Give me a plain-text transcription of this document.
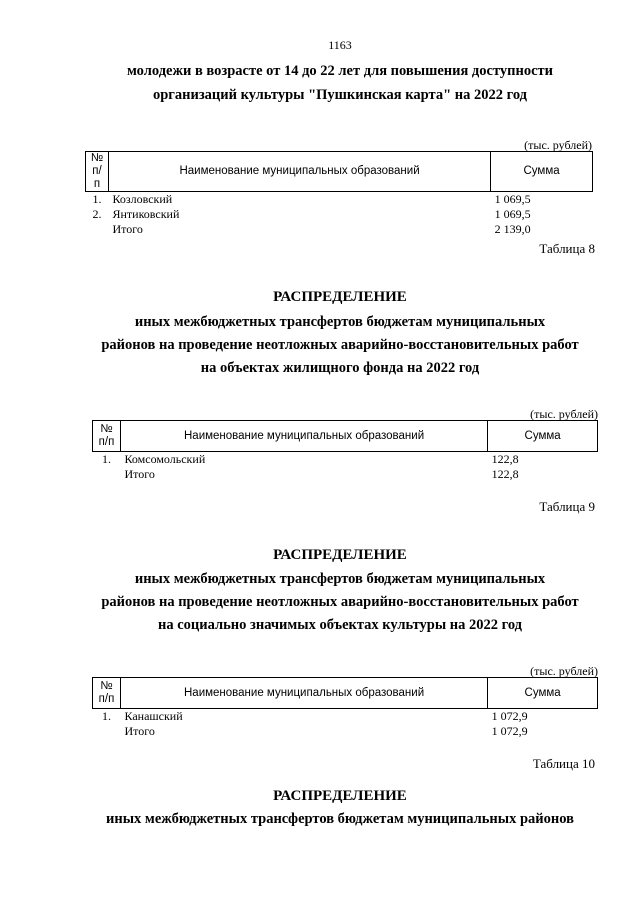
1163
молодежи в возрасте от 14 до 22 лет для повышения доступности
организаций культуры "Пушкинская карта" на 2022 год
(тыс. рублей)
№
п/п	Наименование муниципальных образований	Сумма
1.	Козловский	1 069,5
2.	Янтиковский	1 069,5
	Итого	2 139,0
Таблица 8
РАСПРЕДЕЛЕНИЕ
иных межбюджетных трансфертов бюджетам муниципальных
районов на проведение неотложных аварийно-восстановительных работ
на объектах жилищного фонда на 2022 год
(тыс. рублей)
№
п/п	Наименование муниципальных образований	Сумма
1.	Комсомольский	122,8
	Итого	122,8
Таблица 9
РАСПРЕДЕЛЕНИЕ
иных межбюджетных трансфертов бюджетам муниципальных
районов на проведение неотложных аварийно-восстановительных работ
на социально значимых объектах культуры на 2022 год
(тыс. рублей)
№
п/п	Наименование муниципальных образований	Сумма
1.	Канашский	1 072,9
	Итого	1 072,9
Таблица 10
РАСПРЕДЕЛЕНИЕ
иных межбюджетных трансфертов бюджетам муниципальных районов
